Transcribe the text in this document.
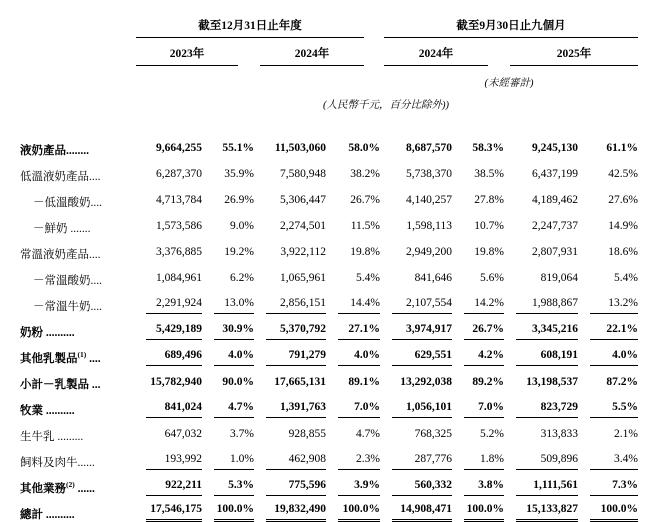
	截至12月31日止年度				截至9月30日止九個月			

	2023年		2024年		2024年		2025年	

					(未經審計)			
	(人民幣千元，百分比除外))							

液奶產品........	9,664,255	55.1%	11,503,060	58.0%	8,687,570	58.3%	9,245,130	61.1%

低溫液奶產品....	6,287,370	35.9%	7,580,948	38.2%	5,738,370	38.5%	6,437,199	42.5%

－低溫酸奶....	4,713,784	26.9%	5,306,447	26.7%	4,140,257	27.8%	4,189,462	27.6%

－鮮奶 .......	1,573,586	9.0%	2,274,501	11.5%	1,598,113	10.7%	2,247,737	14.9%

常溫液奶產品....	3,376,885	19.2%	3,922,112	19.8%	2,949,200	19.8%	2,807,931	18.6%

－常溫酸奶....	1,084,961	6.2%	1,065,961	5.4%	841,646	5.6%	819,064	5.4%

－常溫牛奶....	2,291,924	13.0%	2,856,151	14.4%	2,107,554	14.2%	1,988,867	13.2%

奶粉 ..........	5,429,189	30.9%	5,370,792	27.1%	3,974,917	26.7%	3,345,216	22.1%

其他乳製品$^{(1)}$ ....	689,496	4.0%	791,279	4.0%	629,551	4.2%	608,191	4.0%

小計－乳製品 ...	15,782,940	90.0%	17,665,131	89.1%	13,292,038	89.2%	13,198,537	87.2%

牧業 ..........	841,024	4.7%	1,391,763	7.0%	1,056,101	7.0%	823,729	5.5%

生牛乳 .........	647,032	3.7%	928,855	4.7%	768,325	5.2%	313,833	2.1%

飼料及肉牛......	193,992	1.0%	462,908	2.3%	287,776	1.8%	509,896	3.4%

其他業務$^{(2)}$ ......	922,211	5.3%	775,596	3.9%	560,332	3.8%	1,111,561	7.3%

總計 ..........	17,546,175	100.0%	19,832,490	100.0%	14,908,471	100.0%	15,133,827	100.0%
